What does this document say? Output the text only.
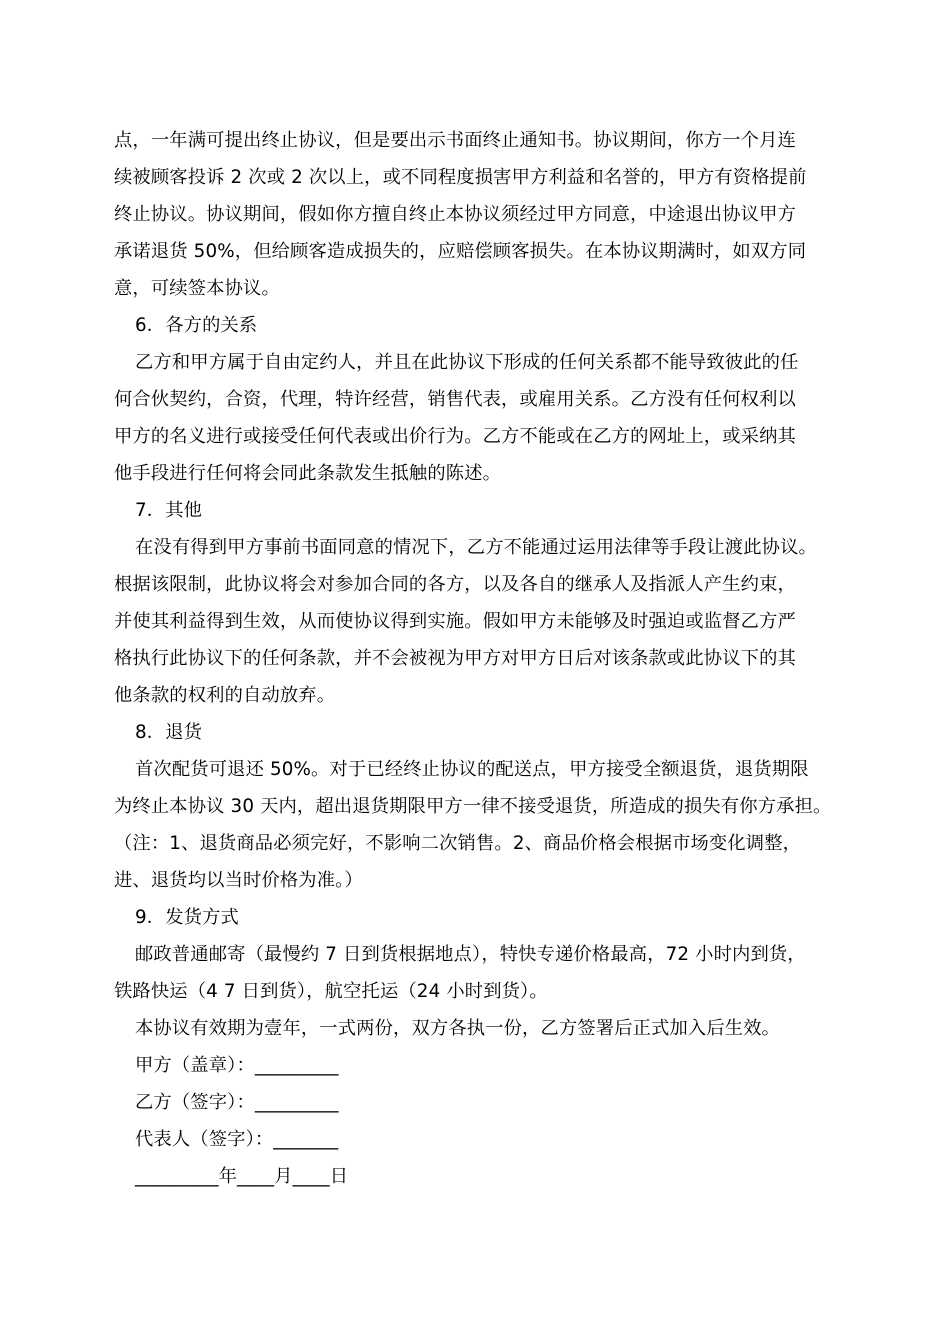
点，一年满可提出终止协议，但是要出示书面终止通知书。协议期间，你方一个月连
续被顾客投诉 2 次或 2 次以上，或不同程度损害甲方利益和名誉的，甲方有资格提前
终止协议。协议期间，假如你方擅自终止本协议须经过甲方同意，中途退出协议甲方
承诺退货 50%，但给顾客造成损失的，应赔偿顾客损失。在本协议期满时，如双方同
意，可续签本协议。
6．各方的关系
乙方和甲方属于自由定约人，并且在此协议下形成的任何关系都不能导致彼此的任
何合伙契约，合资，代理，特许经营，销售代表，或雇用关系。乙方没有任何权利以
甲方的名义进行或接受任何代表或出价行为。乙方不能或在乙方的网址上，或采纳其
他手段进行任何将会同此条款发生抵触的陈述。
7．其他
在没有得到甲方事前书面同意的情况下，乙方不能通过运用法律等手段让渡此协议。
根据该限制，此协议将会对参加合同的各方，以及各自的继承人及指派人产生约束，
并使其利益得到生效，从而使协议得到实施。假如甲方未能够及时强迫或监督乙方严
格执行此协议下的任何条款，并不会被视为甲方对甲方日后对该条款或此协议下的其
他条款的权利的自动放弃。
8．退货
首次配货可退还 50%。对于已经终止协议的配送点，甲方接受全额退货，退货期限
为终止本协议 30 天内，超出退货期限甲方一律不接受退货，所造成的损失有你方承担。
（注：1、退货商品必须完好，不影响二次销售。2、商品价格会根据市场变化调整，
进、退货均以当时价格为准。）
9．发货方式
邮政普通邮寄（最慢约 7 日到货根据地点），特快专递价格最高，72 小时内到货，
铁路快运（4 7 日到货），航空托运（24 小时到货）。
本协议有效期为壹年，一式两份，双方各执一份，乙方签署后正式加入后生效。
甲方（盖章）：_________
乙方（签字）：_________
代表人（签字）：_______
_________年____月____日
